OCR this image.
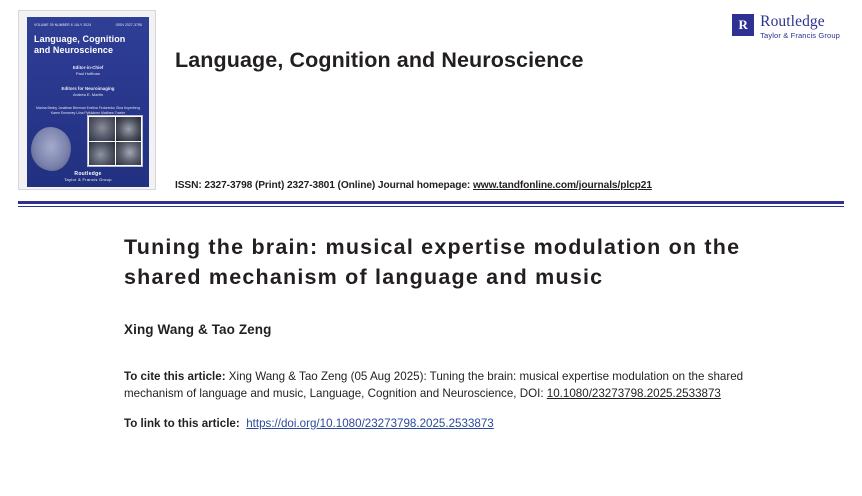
VOLUME 39 NUMBER 6 JULY 2024	ISSN 2327-3798
Language, Cognition and Neuroscience
Editor-in-Chief
Paul Hoffman
Editors for Neuroimaging
Andrea E. Martin
Marina Bedny Jonathan Brennan Evelina Fedorenko Gina Kuperberg Karen Emmorey Liina Pylkkänen Matthew Traxler
Routledge
Taylor & Francis Group
Language, Cognition and Neuroscience
R Routledge
Taylor & Francis Group
ISSN: 2327-3798 (Print) 2327-3801 (Online) Journal homepage: www.tandfonline.com/journals/plcp21
Tuning the brain: musical expertise modulation on the shared mechanism of language and music
Xing Wang & Tao Zeng
To cite this article: Xing Wang & Tao Zeng (05 Aug 2025): Tuning the brain: musical expertise modulation on the shared mechanism of language and music, Language, Cognition and Neuroscience, DOI: 10.1080/23273798.2025.2533873
To link to this article: https://doi.org/10.1080/23273798.2025.2533873
